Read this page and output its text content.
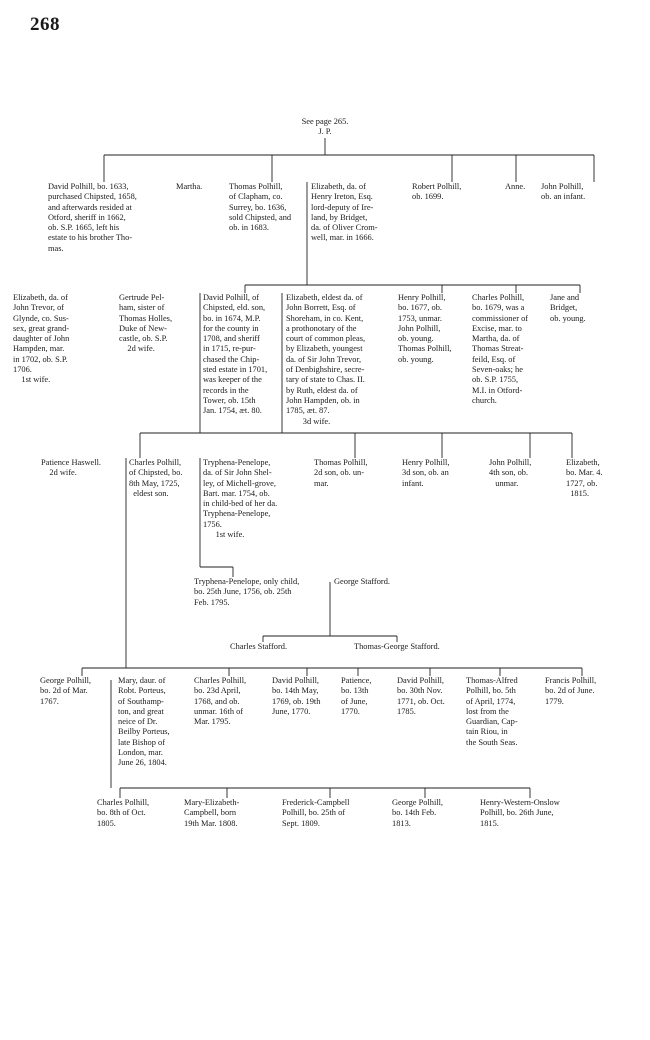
268
See page 265.
J. P.
David Polhill, bo. 1633,
purchased Chipsted, 1658,
and afterwards resided at
Otford, sheriff in 1662,
ob. S.P. 1665, left his
estate to his brother Tho-
mas.
Martha.	Thomas Polhill,
of Clapham, co.
Surrey, bo. 1636,
sold Chipsted, and
ob. in 1683.
Elizabeth, da. of
Henry Ireton, Esq.
lord-deputy of Ire-
land, by Bridget,
da. of Oliver Crom-
well, mar. in 1666.
Robert Polhill,
ob. 1699.
Anne. John Polhill,
ob. an infant.
Elizabeth, da. of
John Trevor, of
Glynde, co. Sus-
sex, great grand-
daughter of John
Hampden, mar.
in 1702, ob. S.P.
1706.
1st wife.
Gertrude Pel-
ham, sister of
Thomas Holles,
Duke of New-
castle, ob. S.P.
2d wife.
David Polhill, of
Chipsted, eld. son,
bo. in 1674, M.P.
for the county in
1708, and sheriff
in 1715, re-pur-
chased the Chip-
sted estate in 1701,
was keeper of the
records in the
Tower, ob. 15th
Jan. 1754, æt. 80.
Elizabeth, eldest da. of
John Borrett, Esq. of
Shoreham, in co. Kent,
a prothonotary of the
court of common pleas,
by Elizabeth, youngest
da. of Sir John Trevor,
of Denbighshire, secre-
tary of state to Chas. II.
by Ruth, eldest da. of
John Hampden, ob. in
1785, æt. 87.
3d wife.
Henry Polhill,
bo. 1677, ob.
1753, unmar.
John Polhill,
ob. young.
Thomas Polhill,
ob. young.
Charles Polhill,
bo. 1679, was a
commissioner of
Excise, mar. to
Martha, da. of
Thomas Streat-
feild, Esq. of
Seven-oaks; he
ob. S.P. 1755,
M.I. in Otford-
church.
Jane and
Bridget,
ob. young.
Patience Haswell.
2d wife.
Charles Polhill,
of Chipsted, bo.
8th May, 1725,
eldest son.
Tryphena-Penelope,
da. of Sir John Shel-
ley, of Michell-grove,
Bart. mar. 1754, ob.
in child-bed of her da.
Tryphena-Penelope,
1756.
1st wife.
Thomas Polhill,
2d son, ob. un-
mar.
Henry Polhill,
3d son, ob. an
infant.
John Polhill,
4th son, ob.
unmar.
Elizabeth,
bo. Mar. 4.
1727, ob.
1815.
Tryphena-Penelope, only child,
bo. 25th June, 1756, ob. 25th
Feb. 1795.
George Stafford.
Charles Stafford.	Thomas-George Stafford.
George Polhill,
bo. 2d of Mar.
1767.
Mary, daur. of
Robt. Porteus,
of Southamp-
ton, and great
neice of Dr.
Beilby Porteus,
late Bishop of
London, mar.
June 26, 1804.
Charles Polhill,
bo. 23d April,
1768, and ob.
unmar. 16th of
Mar. 1795.
David Polhill,
bo. 14th May,
1769, ob. 19th
June, 1770.
Patience,
bo. 13th
of June,
1770.
David Polhill,
bo. 30th Nov.
1771, ob. Oct.
1785.
Thomas-Alfred
Polhill, bo. 5th
of April, 1774,
lost from the
Guardian, Cap-
tain Riou, in
the South Seas.
Francis Polhill,
bo. 2d of June.
1779.
Charles Polhill,
bo. 8th of Oct.
1805.
Mary-Elizabeth-
Campbell, born
19th Mar. 1808.
Frederick-Campbell
Polhill, bo. 25th of
Sept. 1809.
George Polhill,
bo. 14th Feb.
1813.
Henry-Western-Onslow
Polhill, bo. 26th June,
1815.
